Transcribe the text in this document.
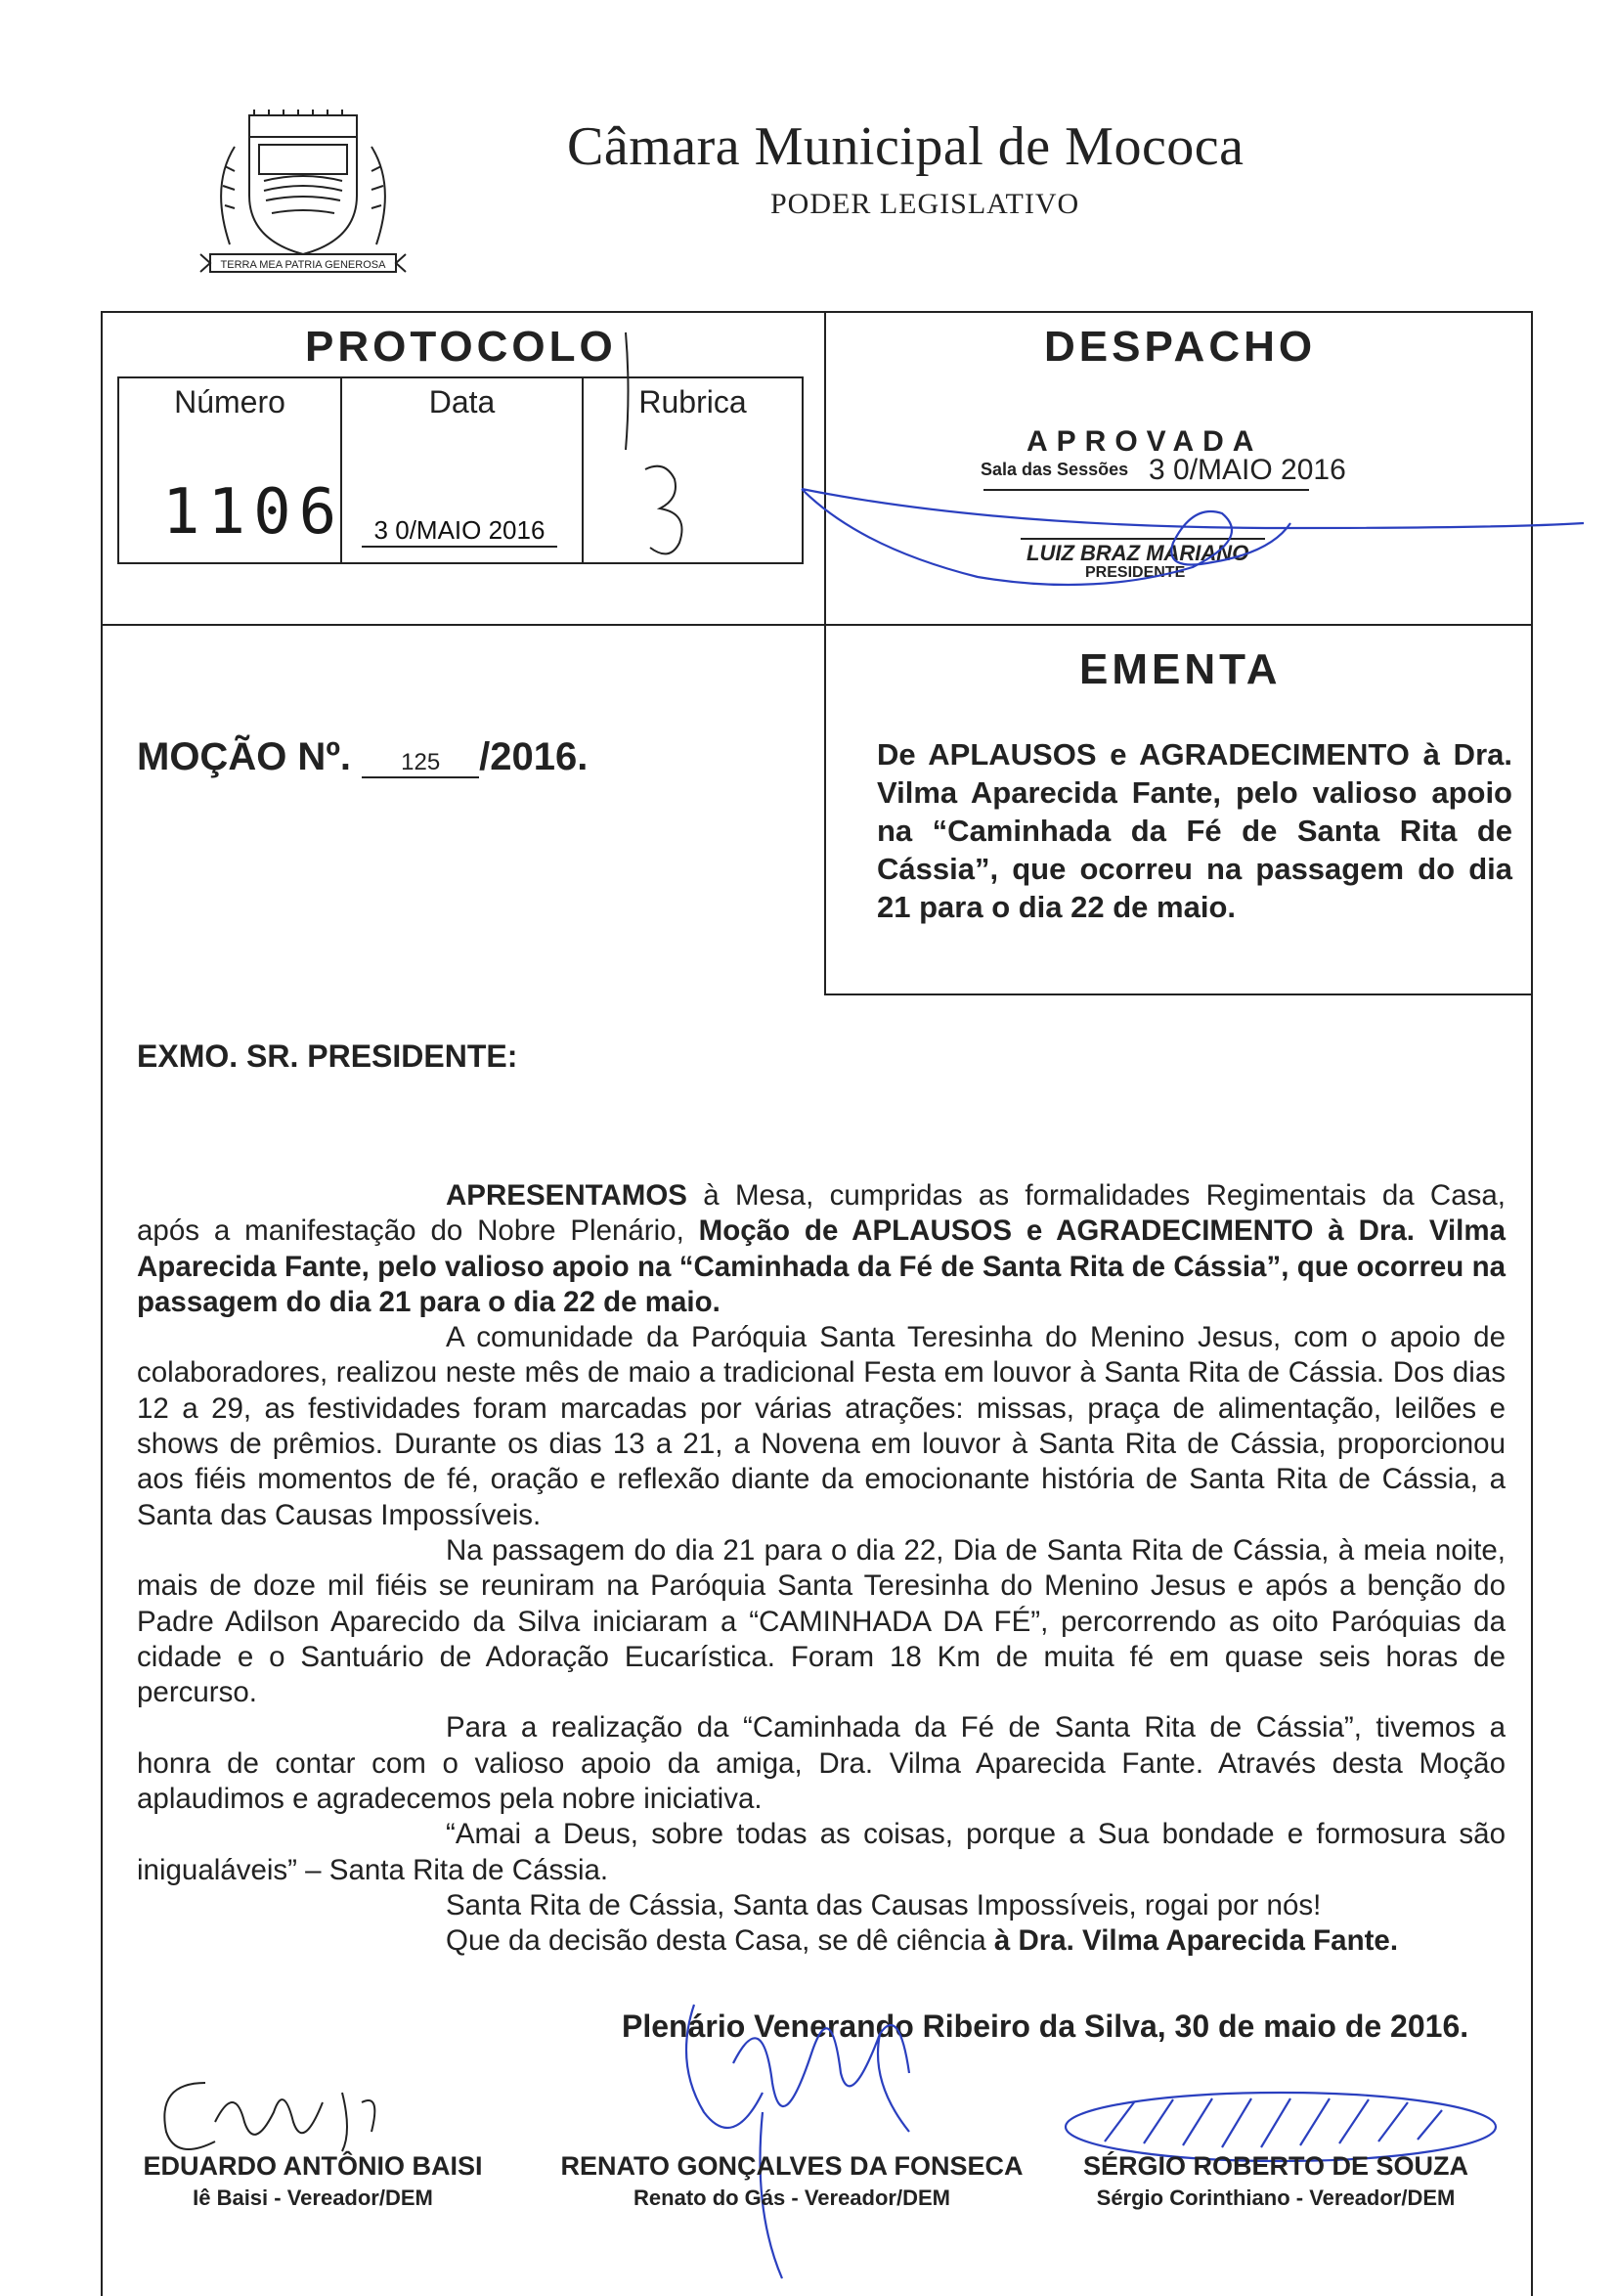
TERRA MEA PATRIA GENEROSA
Câmara Municipal de Mococa
PODER LEGISLATIVO
PROTOCOLO
Número
1106
Data
3 0/MAIO 2016
Rubrica
DESPACHO
APROVADA
Sala das Sessões 3 0/MAIO 2016
LUIZ BRAZ MARIANO
PRESIDENTE
EMENTA
De APLAUSOS e AGRADECIMENTO à Dra. Vilma Aparecida Fante, pelo valioso apoio na “Caminhada da Fé de Santa Rita de Cássia”, que ocorreu na passagem do dia 21 para o dia 22 de maio.
MOÇÃO Nº. 125 /2016.
EXMO. SR. PRESIDENTE:

APRESENTAMOS à Mesa, cumpridas as formalidades Regimentais da Casa, após a manifestação do Nobre Plenário, Moção de APLAUSOS e AGRADECIMENTO à Dra. Vilma Aparecida Fante, pelo valioso apoio na “Caminhada da Fé de Santa Rita de Cássia”, que ocorreu na passagem do dia 21 para o dia 22 de maio.

A comunidade da Paróquia Santa Teresinha do Menino Jesus, com o apoio de colaboradores, realizou neste mês de maio a tradicional Festa em louvor à Santa Rita de Cássia. Dos dias 12 a 29, as festividades foram marcadas por várias atrações: missas, praça de alimentação, leilões e shows de prêmios. Durante os dias 13 a 21, a Novena em louvor à Santa Rita de Cássia, proporcionou aos fiéis momentos de fé, oração e reflexão diante da emocionante história de Santa Rita de Cássia, a Santa das Causas Impossíveis.

Na passagem do dia 21 para o dia 22, Dia de Santa Rita de Cássia, à meia noite, mais de doze mil fiéis se reuniram na Paróquia Santa Teresinha do Menino Jesus e após a benção do Padre Adilson Aparecido da Silva iniciaram a “CAMINHADA DA FÉ”, percorrendo as oito Paróquias da cidade e o Santuário de Adoração Eucarística. Foram 18 Km de muita fé em quase seis horas de percurso.

Para a realização da “Caminhada da Fé de Santa Rita de Cássia”, tivemos a honra de contar com o valioso apoio da amiga, Dra. Vilma Aparecida Fante. Através desta Moção aplaudimos e agradecemos pela nobre iniciativa.

“Amai a Deus, sobre todas as coisas, porque a Sua bondade e formosura são inigualáveis” – Santa Rita de Cássia.

Santa Rita de Cássia, Santa das Causas Impossíveis, rogai por nós!

Que da decisão desta Casa, se dê ciência à Dra. Vilma Aparecida Fante.

Plenário Venerando Ribeiro da Silva, 30 de maio de 2016.
EDUARDO ANTÔNIO BAISI
Iê Baisi - Vereador/DEM
RENATO GONÇALVES DA FONSECA
Renato do Gás - Vereador/DEM
SÉRGIO ROBERTO DE SOUZA
Sérgio Corinthiano - Vereador/DEM
